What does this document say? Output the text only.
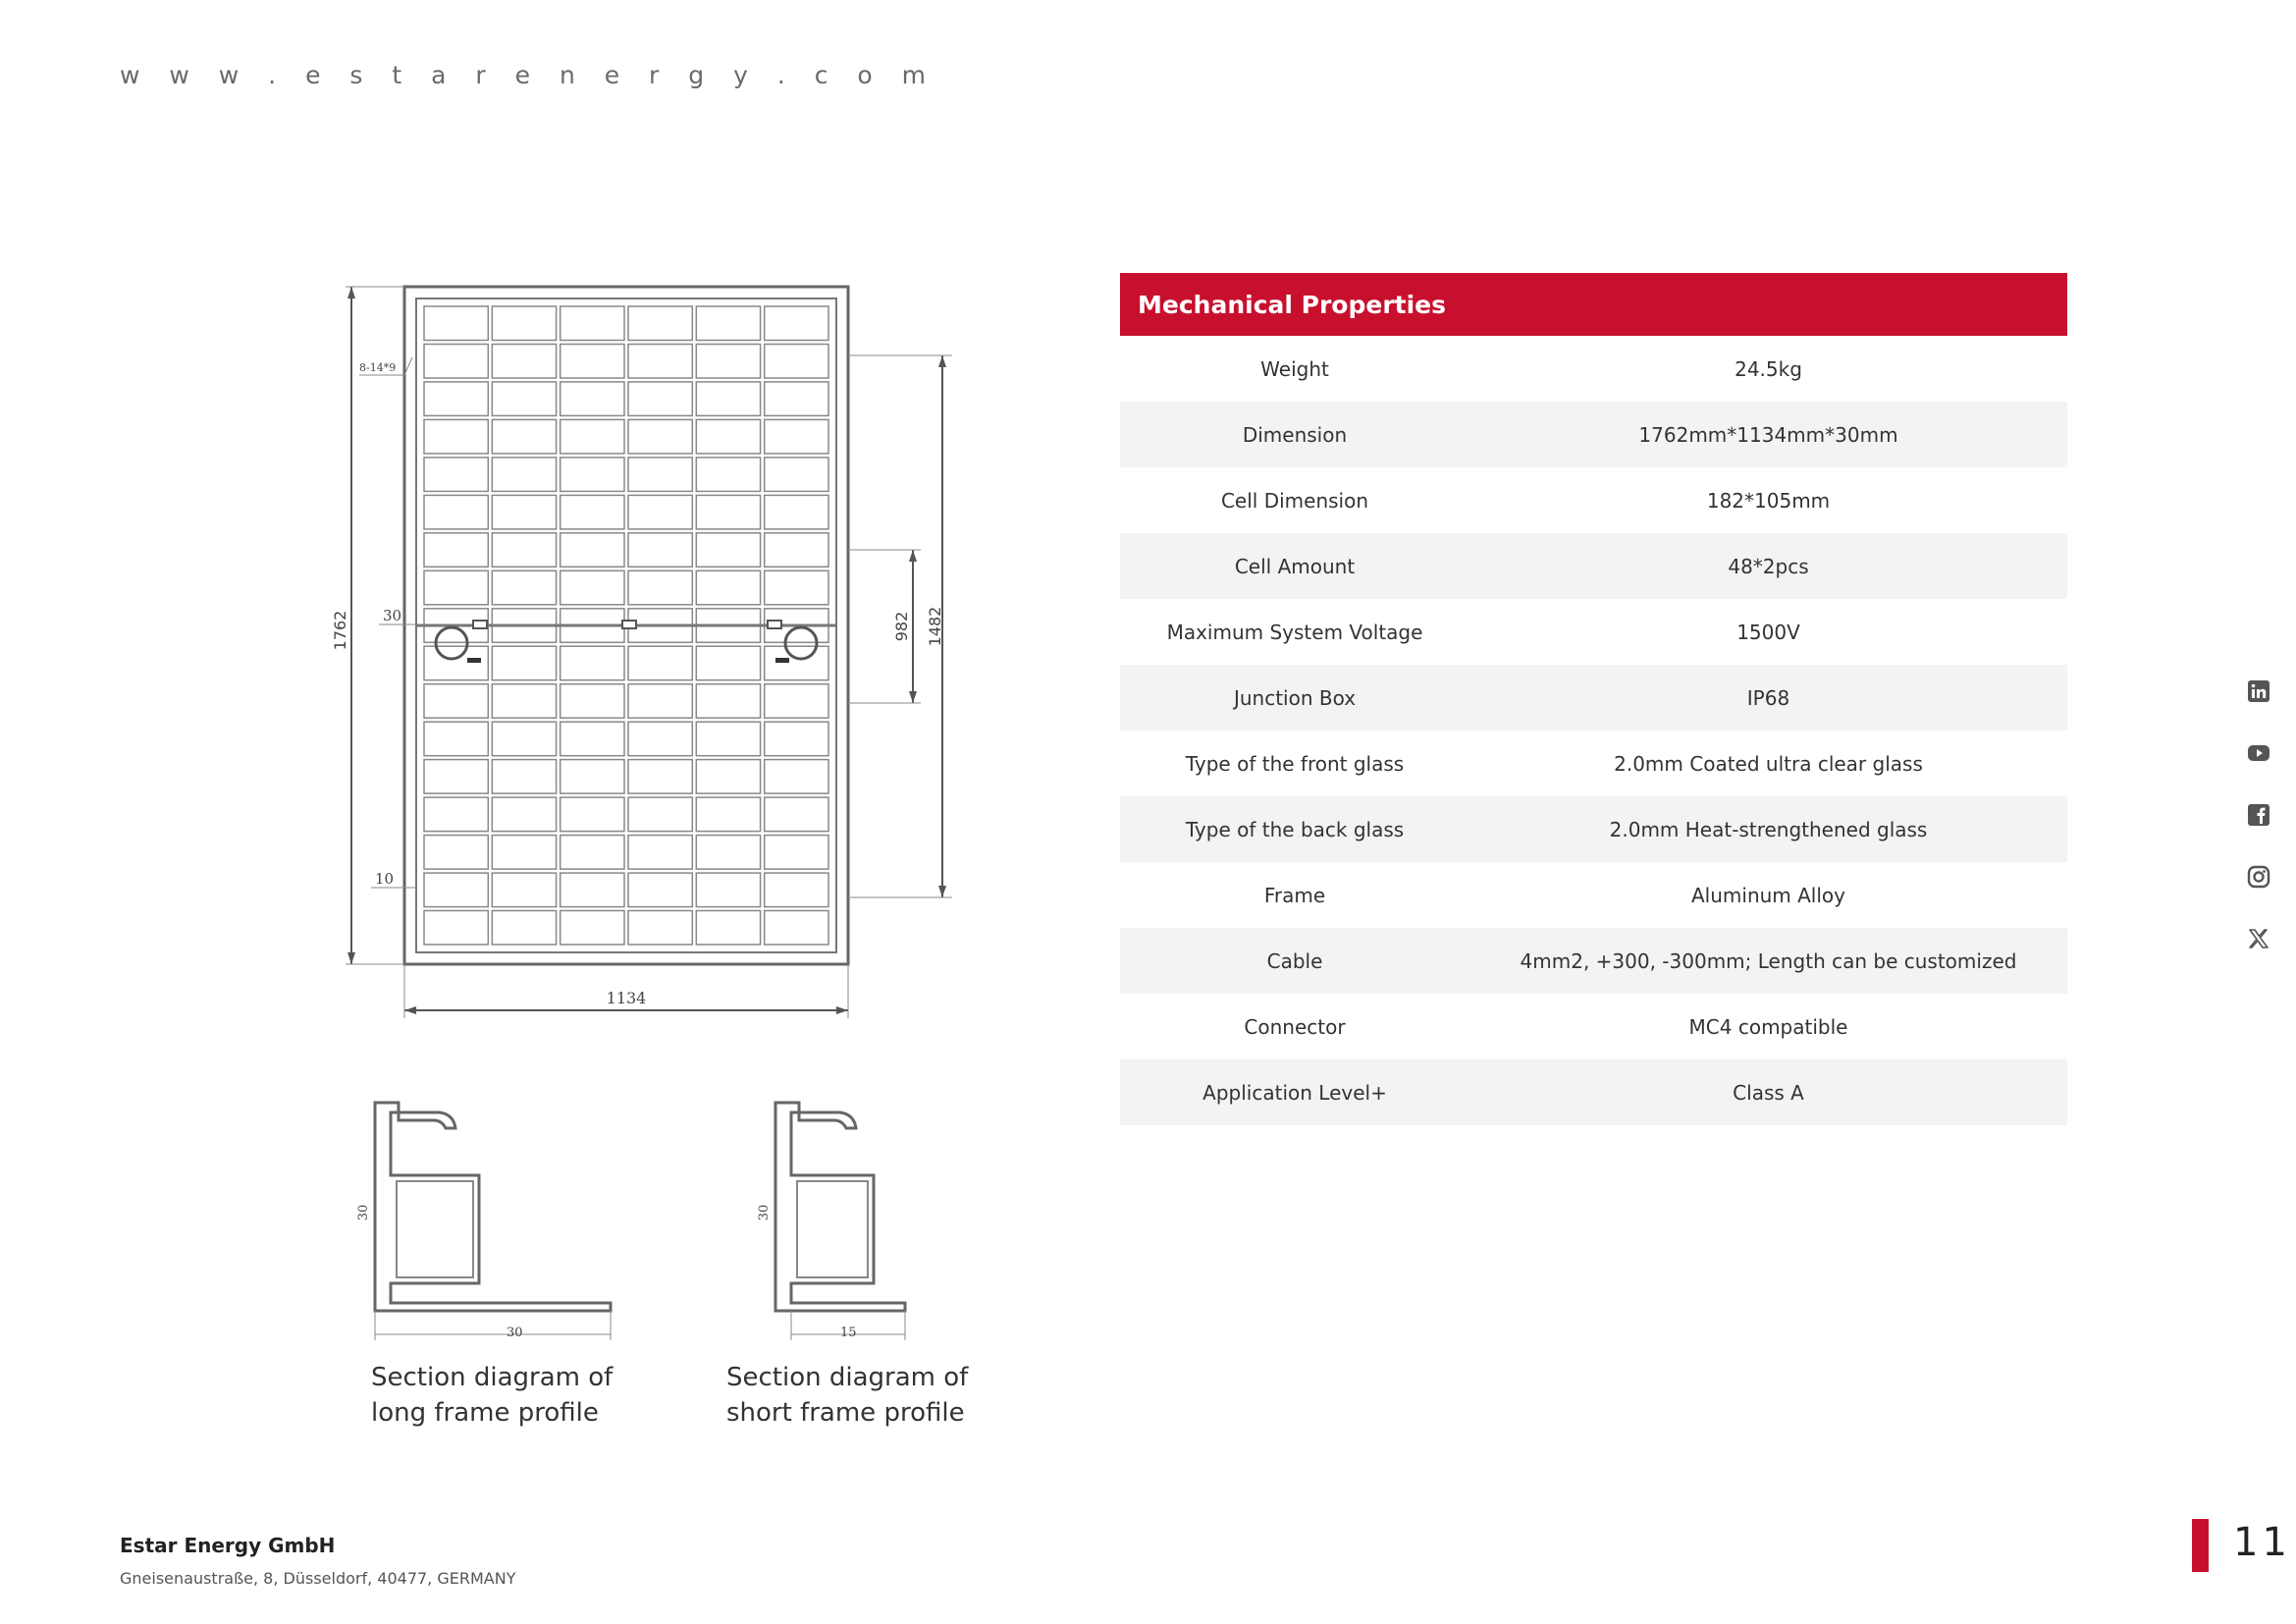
w w w . e s t a r e n e r g y . c o m
1762
8-14*9
30
10
1482
982
1134
30
30
15
30
Section diagram of
long frame profile
Section diagram of
short frame profile
Mechanical Properties
Weight	24.5kg
Dimension	1762mm*1134mm*30mm
Cell Dimension	182*105mm
Cell Amount	48*2pcs
Maximum System Voltage	1500V
Junction Box	IP68
Type of the front glass	2.0mm Coated ultra clear glass
Type of the back glass	2.0mm Heat-strengthened glass
Frame	Aluminum Alloy
Cable	4mm2, +300, -300mm; Length can be customized
Connector	MC4 compatible
Application Level+	Class A
Estar Energy GmbH
Gneisenaustraße, 8, Düsseldorf, 40477, GERMANY
11
